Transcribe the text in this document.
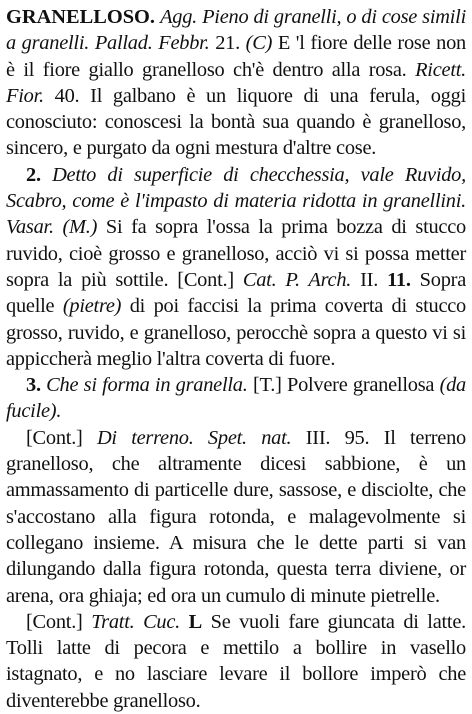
GRANELLOSO. Agg. Pieno di granelli, o di cose simili a granelli. Pallad. Febbr. 21. (C) E 'l fiore delle rose non è il fiore giallo granelloso ch'è dentro alla rosa. Ricett. Fior. 40. Il galbano è un liquore di una ferula, oggi conosciuto: conoscesi la bontà sua quando è granelloso, sincero, e purgato da ogni mestura d'altre cose.

2. Detto di superficie di checchessia, vale Ruvido, Scabro, come è l'impasto di materia ridotta in granellini. Vasar. (M.) Si fa sopra l'ossa la prima bozza di stucco ruvido, cioè grosso e granelloso, acciò vi si possa metter sopra la più sottile. [Cont.] Cat. P. Arch. II. 11. Sopra quelle (pietre) di poi faccisi la prima coverta di stucco grosso, ruvido, e granelloso, perocchè sopra a questo vi si appiccherà meglio l'altra coverta di fuore.

3. Che si forma in granella. [T.] Polvere granellosa (da fucile).

[Cont.] Di terreno. Spet. nat. III. 95. Il terreno granelloso, che altramente dicesi sabbione, è un ammassamento di particelle dure, sassose, e disciolte, che s'accostano alla figura rotonda, e malagevolmente si collegano insieme. A misura che le dette parti si van dilungando dalla figura rotonda, questa terra diviene, or arena, ora ghiaja; ed ora un cumulo di minute pietrelle.

[Cont.] Tratt. Cuc. L Se vuoli fare giuncata di latte. Tolli latte di pecora e mettilo a bollire in vasello istagnato, e no lasciare levare il bollore imperò che diventerebbe granelloso.
